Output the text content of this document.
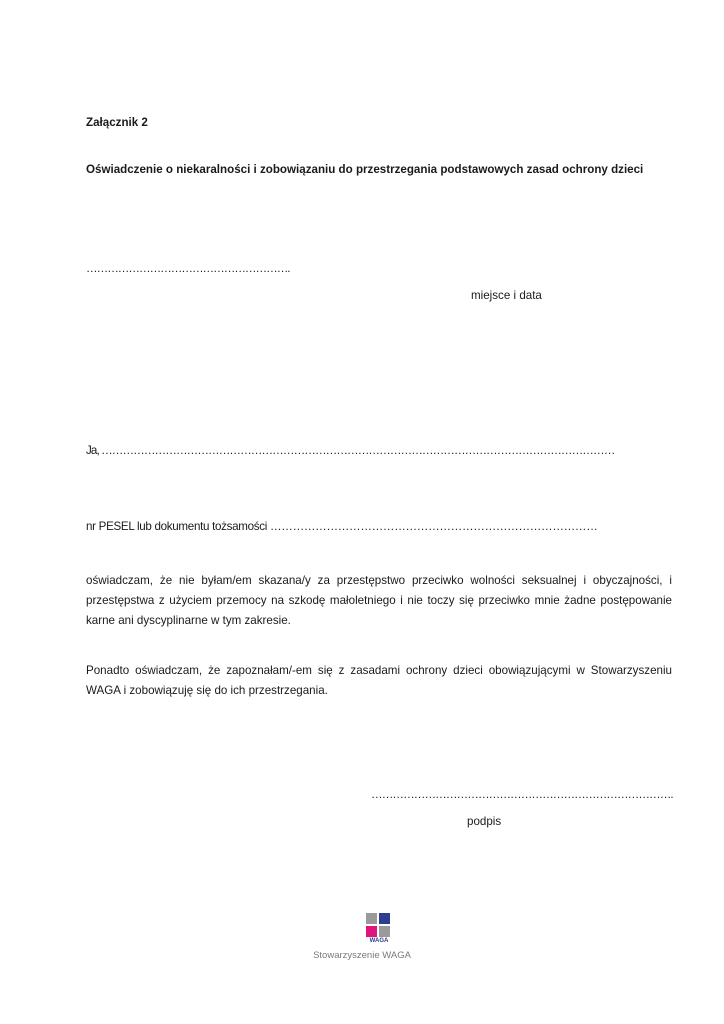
Załącznik 2
Oświadczenie o niekaralności i zobowiązaniu do przestrzegania podstawowych zasad ochrony dzieci
………………………………………………….
miejsce i data
Ja, ………………………………………………………………………………………………………………………………
nr PESEL lub dokumentu tożsamości ……………………………………………………………………………
oświadczam, że nie byłam/em skazana/y za przestępstwo przeciwko wolności seksualnej i obyczajności, i przestępstwa z użyciem przemocy na szkodę małoletniego i nie toczy się przeciwko mnie żadne postępowanie karne ani dyscyplinarne w tym zakresie.
Ponadto oświadczam, że zapoznałam/-em się z zasadami ochrony dzieci obowiązującymi w Stowarzyszeniu WAGA i zobowiązuję się do ich przestrzegania.
………………………………………………………………………….
podpis
WAGA
Stowarzyszenie WAGA
